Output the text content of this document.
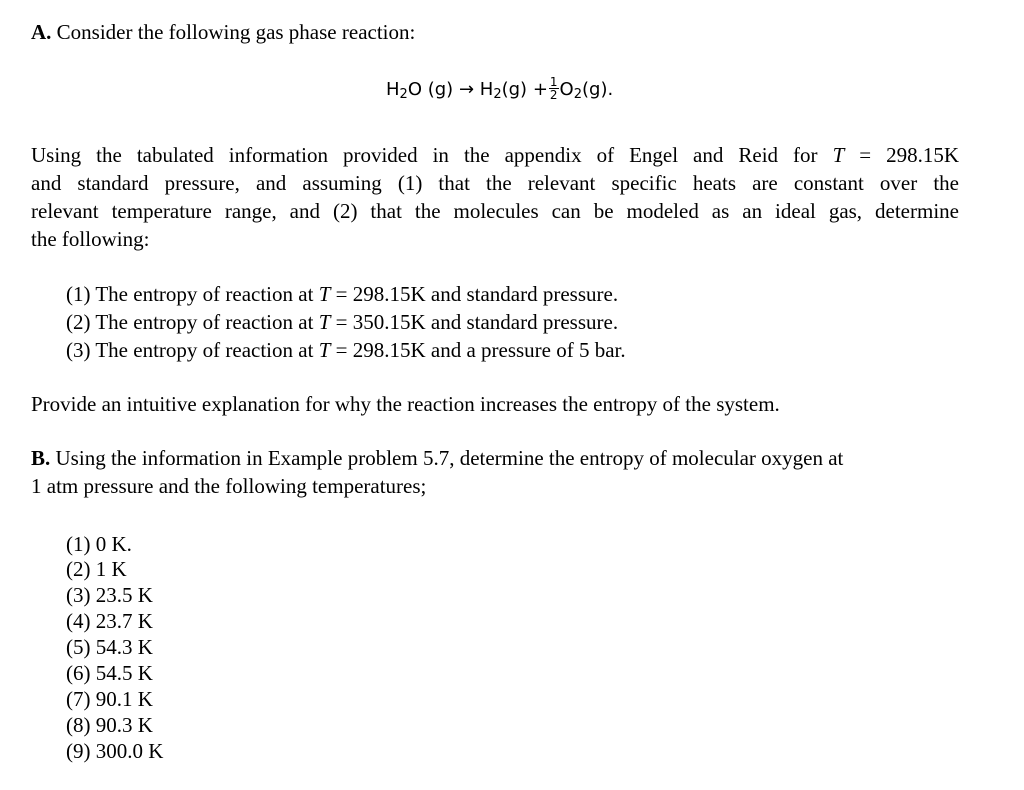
A. Consider the following gas phase reaction:
$H_2O$ $(g) \to H_2(g) + \frac{1}{2} O_2(g)$.
Using the tabulated information provided in the appendix of Engel and Reid for T = 298.15K
and standard pressure, and assuming (1) that the relevant specific heats are constant over the
relevant temperature range, and (2) that the molecules can be modeled as an ideal gas, determine
the following:
(1) The entropy of reaction at T = 298.15K and standard pressure.
(2) The entropy of reaction at T = 350.15K and standard pressure.
(3) The entropy of reaction at T = 298.15K and a pressure of 5 bar.
Provide an intuitive explanation for why the reaction increases the entropy of the system.
B. Using the information in Example problem 5.7, determine the entropy of molecular oxygen at
1 atm pressure and the following temperatures;
(1) 0 K.
(2) 1 K
(3) 23.5 K
(4) 23.7 K
(5) 54.3 K
(6) 54.5 K
(7) 90.1 K
(8) 90.3 K
(9) 300.0 K
